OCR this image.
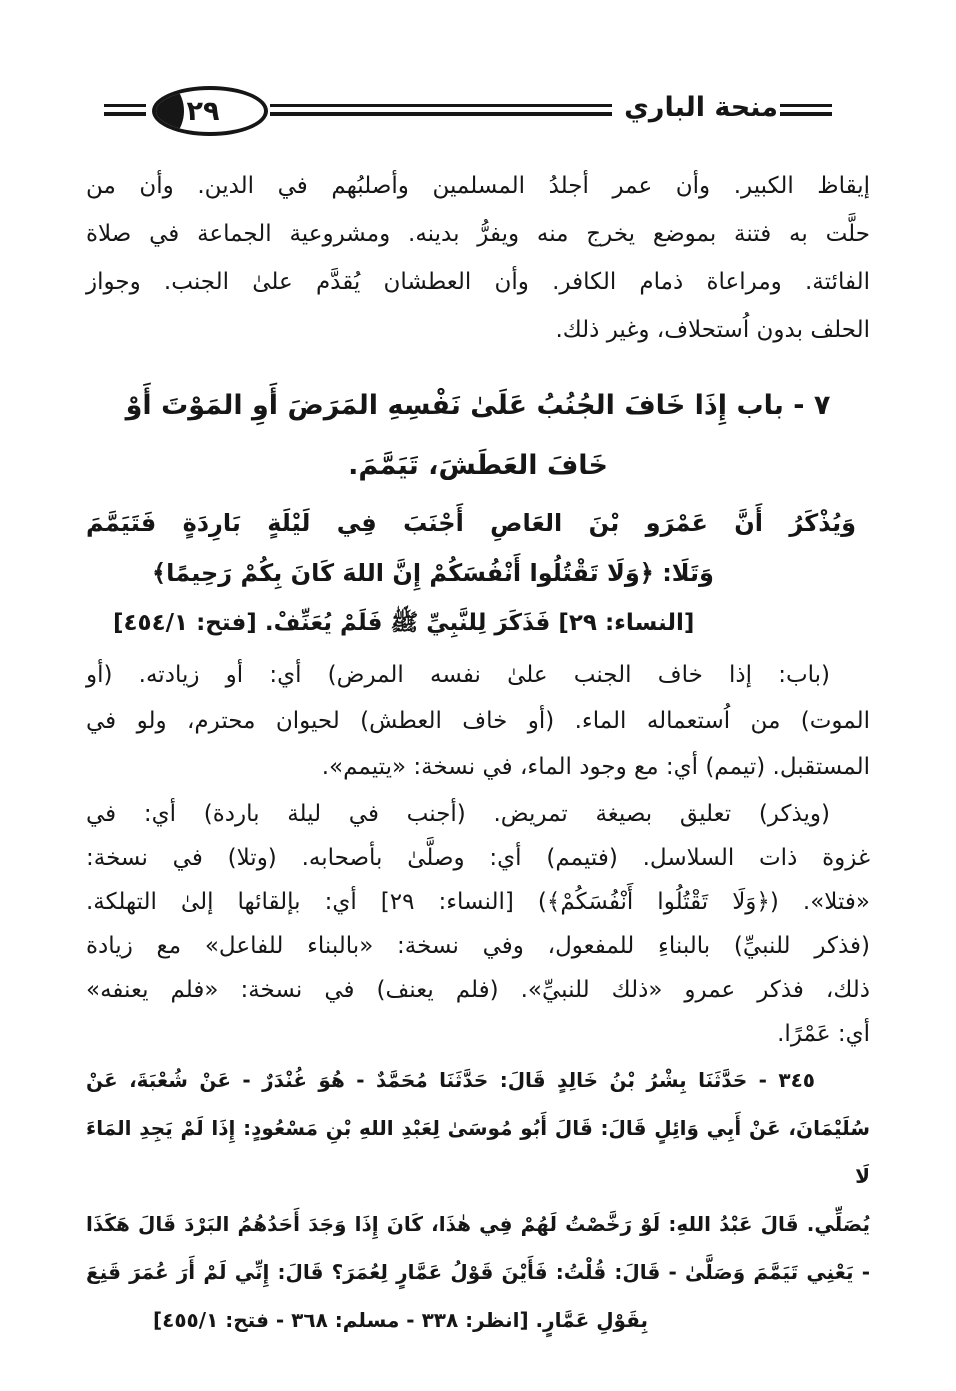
٢٩	منحة الباري
إيقاظ الكبير. وأن عمر أجلدُ المسلمين وأصلبُهم في الدين. وأن من
حلَّت به فتنة بموضع يخرج منه ويفرُّ بدينه. ومشروعية الجماعة في صلاة
الفائتة. ومراعاة ذمام الكافر. وأن العطشان يُقدَّم علىٰ الجنب. وجواز
الحلف بدون اُستحلاف، وغير ذلك.
٧ - باب إِذَا خَافَ الجُنُبُ عَلَىٰ نَفْسِهِ المَرَضَ أَوِ المَوْتَ أَوْ
خَافَ العَطَشَ، تَيَمَّمَ.
وَيُذْكَرُ أَنَّ عَمْرَو بْنَ العَاصِ أَجْنَبَ فِي لَيْلَةٍ بَارِدَةٍ فَتَيَمَّمَ
وَتَلَا: ﴿وَلَا تَقْتُلُوا أَنْفُسَكُمْ إِنَّ اللهَ كَانَ بِكُمْ رَحِيمًا﴾
[النساء: ٢٩] فَذَكَرَ لِلنَّبِيِّ ﷺ فَلَمْ يُعَنِّفْ. [فتح: ٤٥٤/١]
(باب: إذا خاف الجنب علىٰ نفسه المرض) أي: أو زيادته. (أو
الموت) من اُستعماله الماء. (أو خاف العطش) لحيوان محترم، ولو في
المستقبل. (تيمم) أي: مع وجود الماء، في نسخة: «يتيمم».
(ويذكر) تعليق بصيغة تمريض. (أجنب في ليلة باردة) أي: في
غزوة ذات السلاسل. (فتيمم) أي: وصلَّىٰ بأصحابه. (وتلا) في نسخة:
«فتلا». (﴿وَلَا تَقْتُلُوا أَنْفُسَكُمْ﴾) [النساء: ٢٩] أي: بإلقائها إلىٰ التهلكة.
(فذكر للنبيِّ) بالبناءِ للمفعول، وفي نسخة: «بالبناء للفاعل» مع زيادة
ذلك، فذكر عمرو «ذلك للنبيِّ». (فلم يعنف) في نسخة: «فلم يعنفه»
أي: عَمْرًا.
٣٤٥ - حَدَّثَنَا بِشْرُ بْنُ خَالِدٍ قَالَ: حَدَّثَنَا مُحَمَّدٌ - هُوَ غُنْدَرٌ - عَنْ شُعْبَةَ، عَنْ
سُلَيْمَانَ، عَنْ أَبِي وَائِلٍ قَالَ: قَالَ أَبُو مُوسَىٰ لِعَبْدِ اللهِ بْنِ مَسْعُودٍ: إِذَا لَمْ يَجِدِ المَاءَ لَا
يُصَلِّي. قَالَ عَبْدُ اللهِ: لَوْ رَخَّصْتُ لَهُمْ فِي هٰذَا، كَانَ إِذَا وَجَدَ أَحَدُهُمُ البَرْدَ قَالَ هَكَذَا
- يَعْنِي تَيَمَّمَ وَصَلَّىٰ - قَالَ: قُلْتُ: فَأَيْنَ قَوْلُ عَمَّارٍ لِعُمَرَ؟ قَالَ: إِنِّي لَمْ أَرَ عُمَرَ قَنِعَ
بِقَوْلِ عَمَّارٍ. [انظر: ٣٣٨ - مسلم: ٣٦٨ - فتح: ٤٥٥/١]
